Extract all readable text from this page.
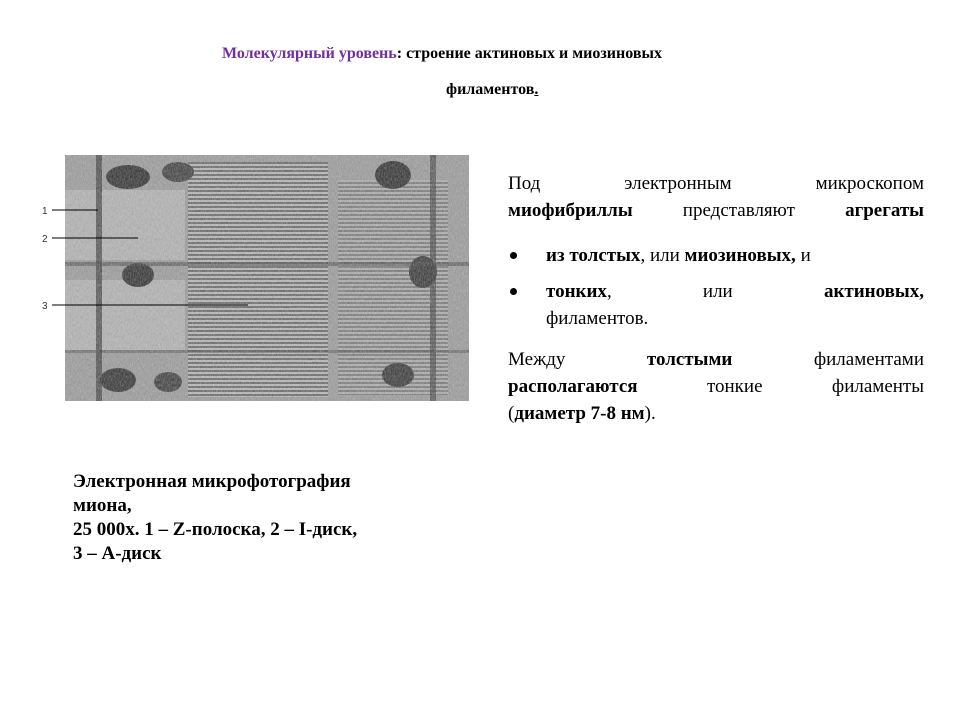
Молекулярный уровень: строение актиновых и миозиновых
филаментов.
1
2
3
Электронная микрофотография
миона,
25 000х. 1 – Z-полоска, 2 – I-диск,
3 – А-диск

Под электронным микроскопом
миофибриллы представляют агрегаты

из толстых, или миозиновых, и
тонких, или актиновых,
филаментов.

Между толстыми филаментами
располагаются тонкие филаменты
(диаметр 7-8 нм).
